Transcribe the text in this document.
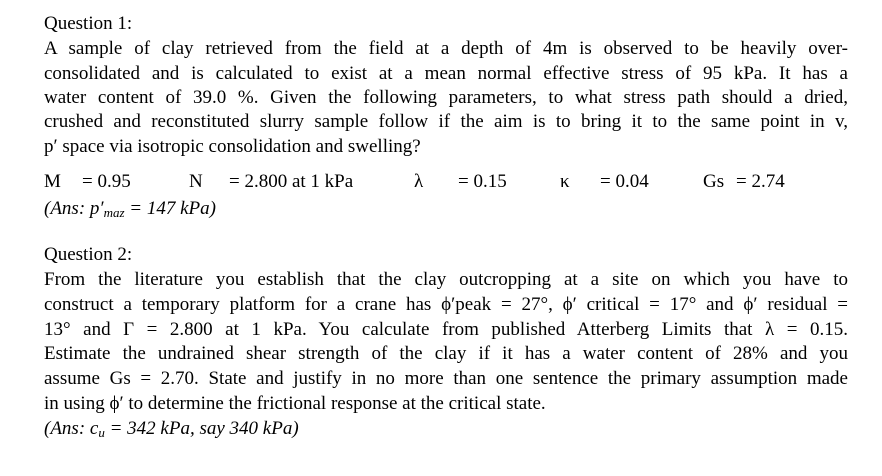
Question 1:
A sample of clay retrieved from the field at a depth of 4m is observed to be heavily over-
consolidated and is calculated to exist at a mean normal effective stress of 95 kPa. It has a
water content of 39.0 %. Given the following parameters, to what stress path should a dried,
crushed and reconstituted slurry sample follow if the aim is to bring it to the same point in v,
p′ space via isotropic consolidation and swelling?
M = 0.95	N = 2.800 at 1 kPa	λ = 0.15	κ = 0.04	Gs = 2.74
(Ans: $p'_{maz} = 147$ kPa)
Question 2:
From the literature you establish that the clay outcropping at a site on which you have to
construct a temporary platform for a crane has ϕ′peak = 27°, ϕ′ critical = 17° and ϕ′ residual =
13° and Γ = 2.800 at 1 kPa. You calculate from published Atterberg Limits that λ = 0.15.
Estimate the undrained shear strength of the clay if it has a water content of 28% and you
assume Gs = 2.70. State and justify in no more than one sentence the primary assumption made
in using ϕ′ to determine the frictional response at the critical state.
(Ans: $c_u = 342$ kPa, say 340 kPa)
